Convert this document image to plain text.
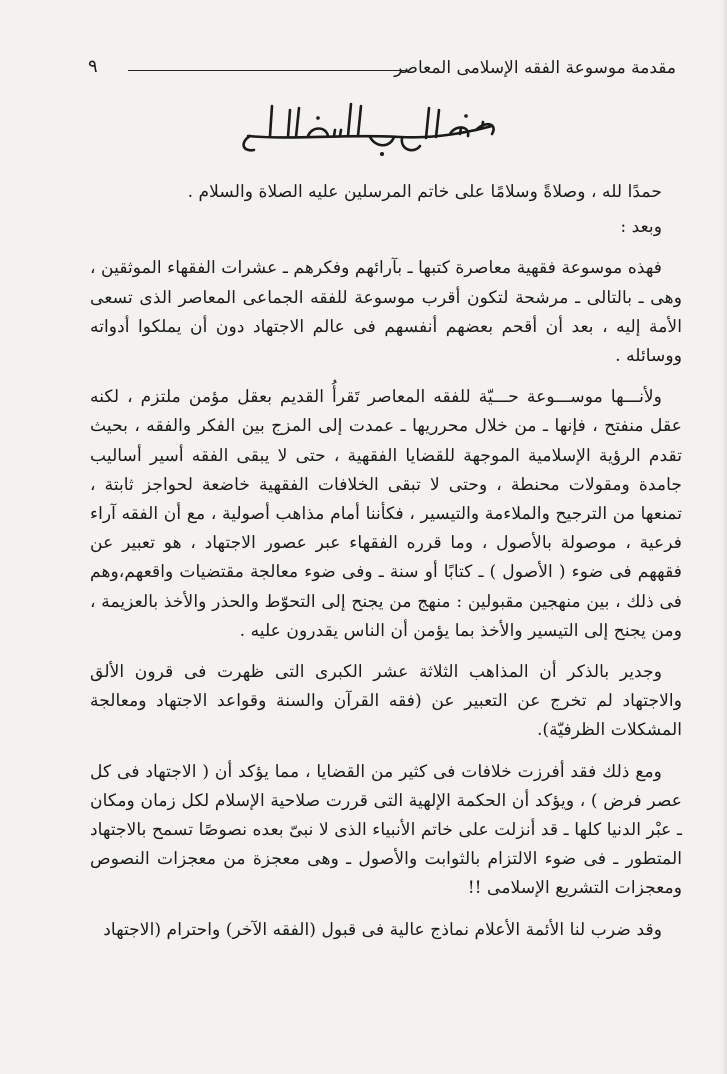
مقدمة موسوعة الفقه الإسلامى المعاصر
٩

حمدًا لله ، وصلاةً وسلامًا على خاتم المرسلين عليه الصلاة والسلام .

وبعد :

فهذه موسوعة فقهية معاصرة كتبها ـ بآرائهم وفكرهم ـ عشرات الفقهاء الموثقين ، وهى ـ بالتالى ـ مرشحة لتكون أقرب موسوعة للفقه الجماعى المعاصر الذى تسعى الأمة إليه ، بعد أن أقحم بعضهم أنفسهم فى عالم الاجتهاد دون أن يملكوا أدواته ووسائله .

ولأنـــها موســـوعة حـــيّة للفقه المعاصر تَقرأُ القديم بعقل مؤمن ملتزم ، لكنه عقل منفتح ، فإنها ـ من خلال محرريها ـ عمدت إلى المزج بين الفكر والفقه ، بحيث تقدم الرؤية الإسلامية الموجهة للقضايا الفقهية ، حتى لا يبقى الفقه أسير أساليب جامدة ومقولات محنطة ، وحتى لا تبقى الخلافات الفقهية خاضعة لحواجز ثابتة ، تمنعها من الترجيح والملاءمة والتيسير ، فكأننا أمام مذاهب أصولية ، مع أن الفقه آراء فرعية ، موصولة بالأصول ، وما قرره الفقهاء عبر عصور الاجتهاد ، هو تعبير عن فقههم فى ضوء ( الأصول ) ـ كتابًا أو سنة ـ وفى ضوء معالجة مقتضيات واقعهم،وهم فى ذلك ، بين منهجين مقبولين : منهج من يجنح إلى التحوّط والحذر والأخذ بالعزيمة ، ومن يجنح إلى التيسير والأخذ بما يؤمن أن الناس يقدرون عليه .

وجدير بالذكر أن المذاهب الثلاثة عشر الكبرى التى ظهرت فى قرون الألق والاجتهاد لم تخرج عن التعبير عن (فقه القرآن والسنة وقواعد الاجتهاد ومعالجة المشكلات الظرفيّة).

ومع ذلك فقد أفرزت خلافات فى كثير من القضايا ، مما يؤكد أن ( الاجتهاد فى كل عصر فرض ) ، ويؤكد أن الحكمة الإلهية التى قررت صلاحية الإسلام لكل زمان ومكان ـ عبْر الدنيا كلها ـ قد أنزلت على خاتم الأنبياء الذى لا نبىّ بعده نصوصًا تسمح بالاجتهاد المتطور ـ فى ضوء الالتزام بالثوابت والأصول ـ وهى معجزة من معجزات النصوص ومعجزات التشريع الإسلامى !!

وقد ضرب لنا الأئمة الأعلام نماذج عالية فى قبول (الفقه الآخر) واحترام (الاجتهاد
